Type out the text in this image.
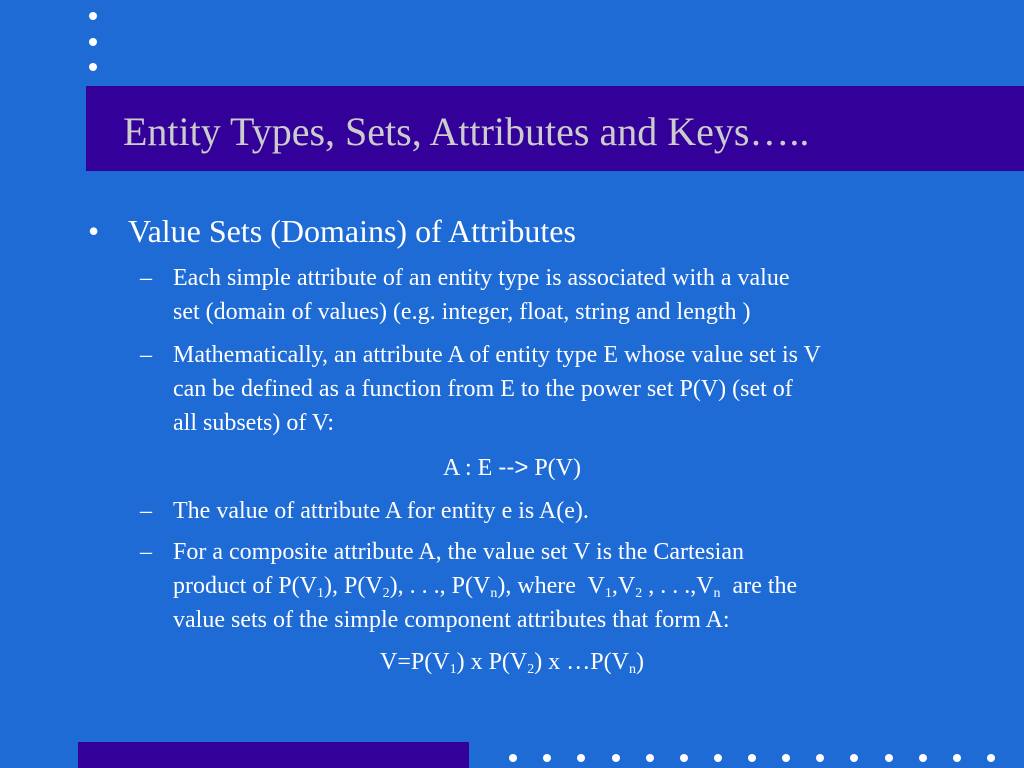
Entity Types, Sets, Attributes and Keys…..
• Value Sets (Domains) of Attributes
– Each simple attribute of an entity type is associated with a value
set (domain of values) (e.g. integer, float, string and length )
– Mathematically, an attribute A of entity type E whose value set is V
can be defined as a function from E to the power set P(V) (set of
all subsets) of V:
A : E --> P(V)
– The value of attribute A for entity e is A(e).
– For a composite attribute A, the value set V is the Cartesian
product of $P(V_1)$, $P(V_2)$, . . ., $P(V_n)$, where  $V_1,V_2$ , . . $.,V_n$  are the
value sets of the simple component attributes that form A:
$V=P(V_1)$ x $P(V_2)$ x $\dots P(V_n)$
